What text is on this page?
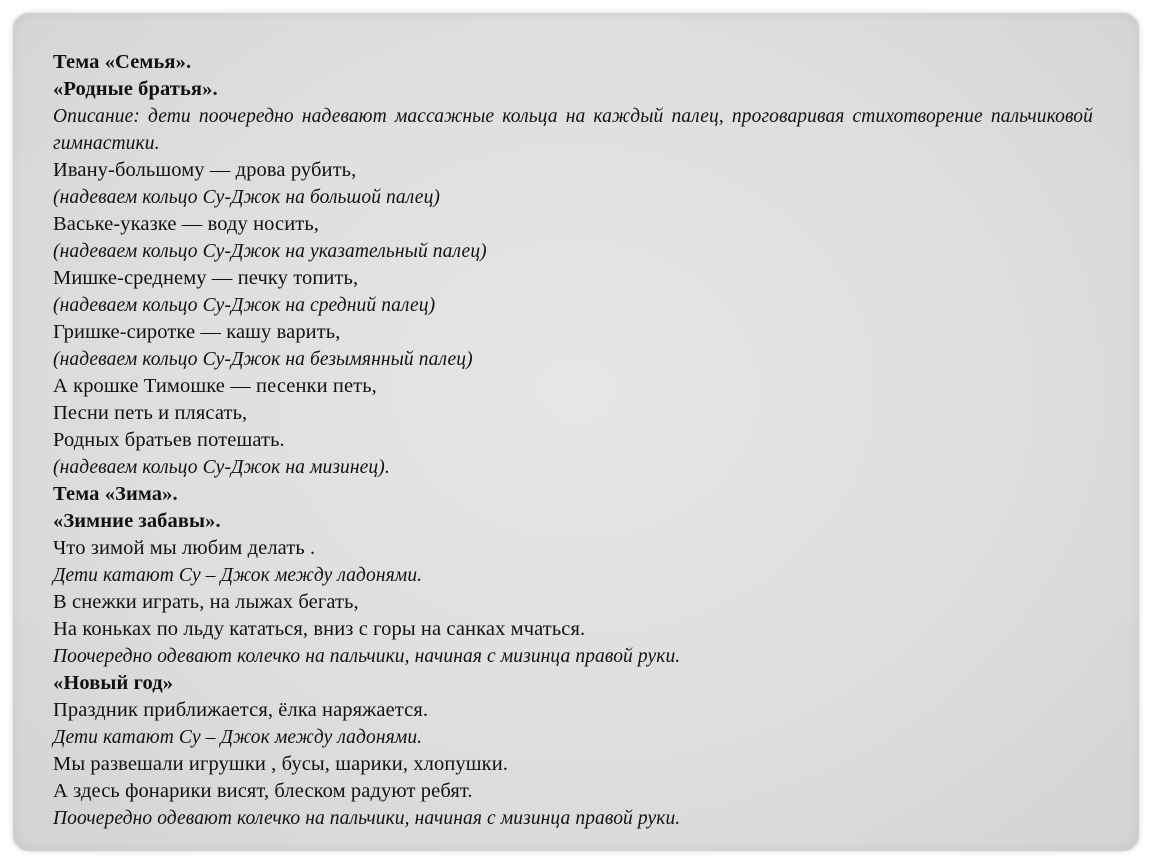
Тема «Семья».
«Родные братья».
Описание: дети поочередно надевают массажные кольца на каждый палец, проговаривая стихотворение пальчиковой гимнастики.
Ивану-большому — дрова рубить,
(надеваем кольцо Су-Джок на большой палец)
Ваське-указке — воду носить,
(надеваем кольцо Су-Джок на указательный палец)
Мишке-среднему — печку топить,
(надеваем кольцо Су-Джок на средний палец)
Гришке-сиротке — кашу варить,
(надеваем кольцо Су-Джок на безымянный палец)
А крошке Тимошке — песенки петь,
Песни петь и плясать,
Родных братьев потешать.
(надеваем кольцо Су-Джок на мизинец).
Тема «Зима».
«Зимние забавы».
Что зимой мы любим делать .
Дети катают Су – Джок между ладонями.
В снежки играть, на лыжах бегать,
На коньках по льду кататься, вниз с горы на санках мчаться.
Поочередно одевают колечко на пальчики, начиная с мизинца правой руки.
«Новый год»
Праздник приближается, ёлка наряжается.
Дети катают Су – Джок между ладонями.
Мы развешали игрушки , бусы, шарики, хлопушки.
А здесь фонарики висят, блеском радуют ребят.
Поочередно одевают колечко на пальчики, начиная с мизинца правой руки.
